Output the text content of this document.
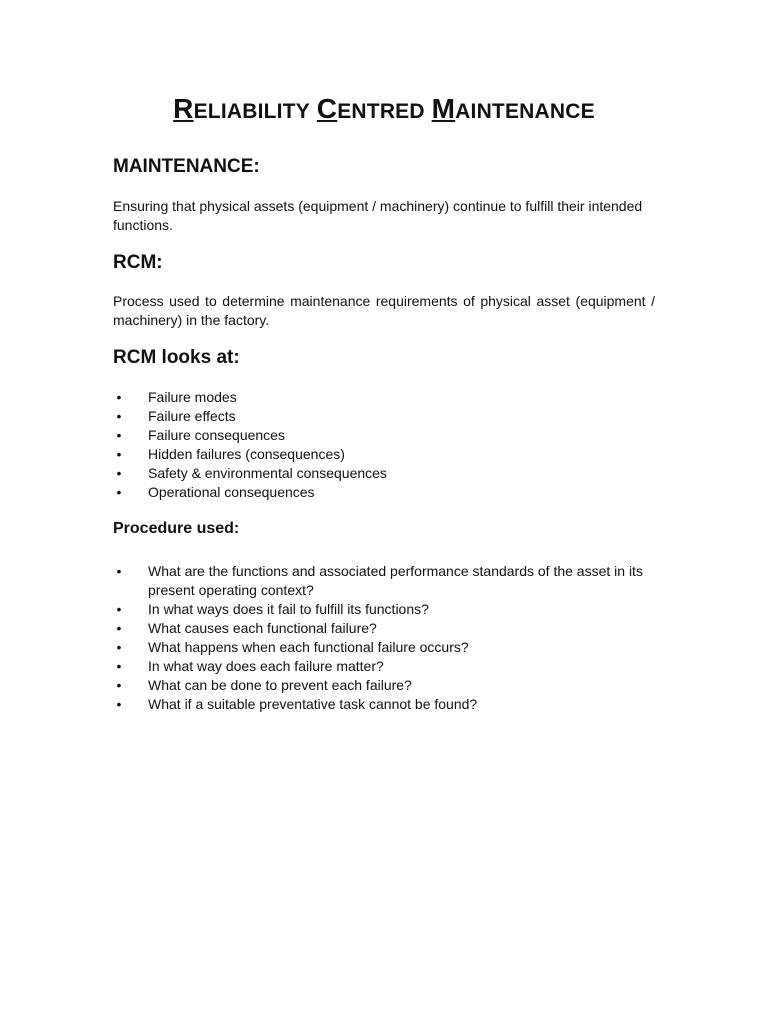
RELIABILITY CENTRED MAINTENANCE
MAINTENANCE:

Ensuring that physical assets (equipment / machinery) continue to fulfill their intended functions.

RCM:

Process used to determine maintenance requirements of physical asset (equipment / machinery) in the factory.

RCM looks at:
• Failure modes
• Failure effects
• Failure consequences
• Hidden failures (consequences)
• Safety & environmental consequences
• Operational consequences
Procedure used:
• What are the functions and associated performance standards of the asset in its present operating context?
• In what ways does it fail to fulfill its functions?
• What causes each functional failure?
• What happens when each functional failure occurs?
• In what way does each failure matter?
• What can be done to prevent each failure?
• What if a suitable preventative task cannot be found?
